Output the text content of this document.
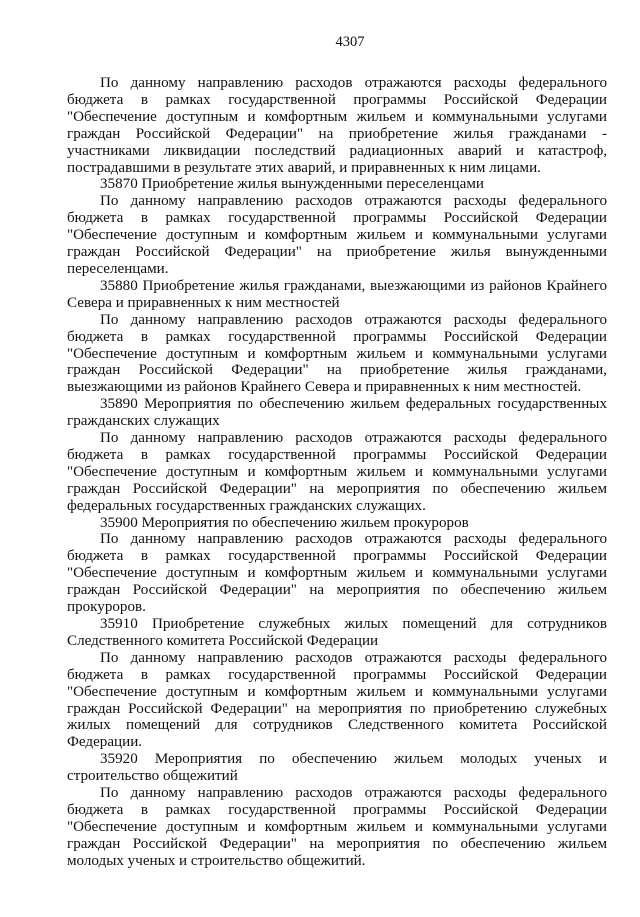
4307

По данному направлению расходов отражаются расходы федерального бюджета в рамках государственной программы Российской Федерации "Обеспечение доступным и комфортным жильем и коммунальными услугами граждан Российской Федерации" на приобретение жилья гражданами - участниками ликвидации последствий радиационных аварий и катастроф, пострадавшими в результате этих аварий, и приравненных к ним лицами.

35870 Приобретение жилья вынужденными переселенцами

По данному направлению расходов отражаются расходы федерального бюджета в рамках государственной программы Российской Федерации "Обеспечение доступным и комфортным жильем и коммунальными услугами граждан Российской Федерации" на приобретение жилья вынужденными переселенцами.

35880 Приобретение жилья гражданами, выезжающими из районов Крайнего Севера и приравненных к ним местностей

По данному направлению расходов отражаются расходы федерального бюджета в рамках государственной программы Российской Федерации "Обеспечение доступным и комфортным жильем и коммунальными услугами граждан Российской Федерации" на приобретение жилья гражданами, выезжающими из районов Крайнего Севера и приравненных к ним местностей.

35890 Мероприятия по обеспечению жильем федеральных государственных гражданских служащих

По данному направлению расходов отражаются расходы федерального бюджета в рамках государственной программы Российской Федерации "Обеспечение доступным и комфортным жильем и коммунальными услугами граждан Российской Федерации" на мероприятия по обеспечению жильем федеральных государственных гражданских служащих.

35900 Мероприятия по обеспечению жильем прокуроров

По данному направлению расходов отражаются расходы федерального бюджета в рамках государственной программы Российской Федерации "Обеспечение доступным и комфортным жильем и коммунальными услугами граждан Российской Федерации" на мероприятия по обеспечению жильем прокуроров.

35910 Приобретение служебных жилых помещений для сотрудников Следственного комитета Российской Федерации

По данному направлению расходов отражаются расходы федерального бюджета в рамках государственной программы Российской Федерации "Обеспечение доступным и комфортным жильем и коммунальными услугами граждан Российской Федерации" на мероприятия по приобретению служебных жилых помещений для сотрудников Следственного комитета Российской Федерации.

35920 Мероприятия по обеспечению жильем молодых ученых и строительство общежитий

По данному направлению расходов отражаются расходы федерального бюджета в рамках государственной программы Российской Федерации "Обеспечение доступным и комфортным жильем и коммунальными услугами граждан Российской Федерации" на мероприятия по обеспечению жильем молодых ученых и строительство общежитий.
